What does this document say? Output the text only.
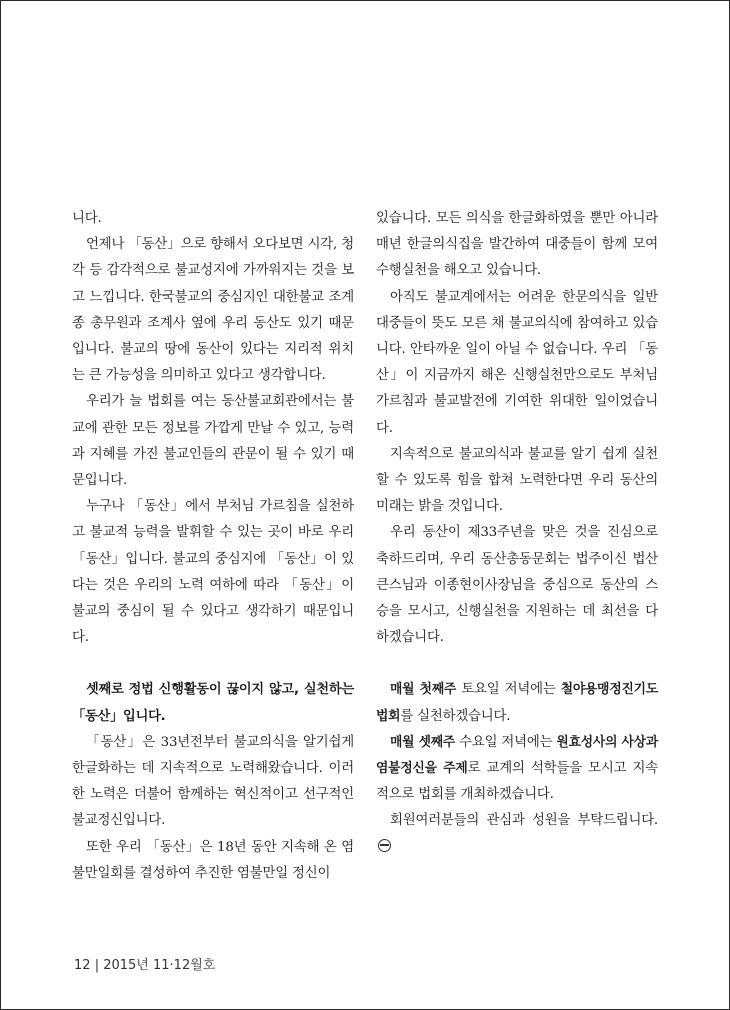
니다.

언제나 「동산」으로 향해서 오다보면 시각, 청각 등 감각적으로 불교성지에 가까워지는 것을 보고 느낍니다. 한국불교의 중심지인 대한불교 조계종 총무원과 조계사 옆에 우리 동산도 있기 때문입니다. 불교의 땅에 동산이 있다는 지리적 위치는 큰 가능성을 의미하고 있다고 생각합니다.

우리가 늘 법회를 여는 동산불교회관에서는 불교에 관한 모든 정보를 가깝게 만날 수 있고, 능력과 지혜를 가진 불교인들의 관문이 될 수 있기 때문입니다.

누구나 「동산」에서 부처님 가르침을 실천하고 불교적 능력을 발휘할 수 있는 곳이 바로 우리 「동산」입니다. 불교의 중심지에 「동산」이 있다는 것은 우리의 노력 여하에 따라 「동산」이 불교의 중심이 될 수 있다고 생각하기 때문입니다.

셋째로 정법 신행활동이 끊이지 않고, 실천하는 「동산」입니다.

「동산」은 33년전부터 불교의식을 알기쉽게 한글화하는 데 지속적으로 노력해왔습니다. 이러한 노력은 더불어 함께하는 혁신적이고 선구적인 불교정신입니다.

또한 우리 「동산」은 18년 동안 지속해 온 염불만일회를 결성하여 추진한 염불만일 정신이

있습니다. 모든 의식을 한글화하였을 뿐만 아니라 매년 한글의식집을 발간하여 대중들이 함께 모여 수행실천을 해오고 있습니다.

아직도 불교계에서는 어려운 한문의식을 일반대중들이 뜻도 모른 채 불교의식에 참여하고 있습니다. 안타까운 일이 아닐 수 없습니다. 우리 「동산」이 지금까지 해온 신행실천만으로도 부처님 가르침과 불교발전에 기여한 위대한 일이었습니다.

지속적으로 불교의식과 불교를 알기 쉽게 실천할 수 있도록 힘을 합쳐 노력한다면 우리 동산의 미래는 밝을 것입니다.

우리 동산이 제33주년을 맞은 것을 진심으로 축하드리며, 우리 동산총동문회는 법주이신 법산큰스님과 이종현이사장님을 중심으로 동산의 스승을 모시고, 신행실천을 지원하는 데 최선을 다하겠습니다.

매월 첫째주 토요일 저녁에는 철야용맹정진기도법회를 실천하겠습니다.

매월 셋째주 수요일 저녁에는 원효성사의 사상과 염불정신을 주제로 교계의 석학들을 모시고 지속적으로 법회를 개최하겠습니다.

회원여러분들의 관심과 성원을 부탁드립니다.

12 | 2015년 11·12월호
